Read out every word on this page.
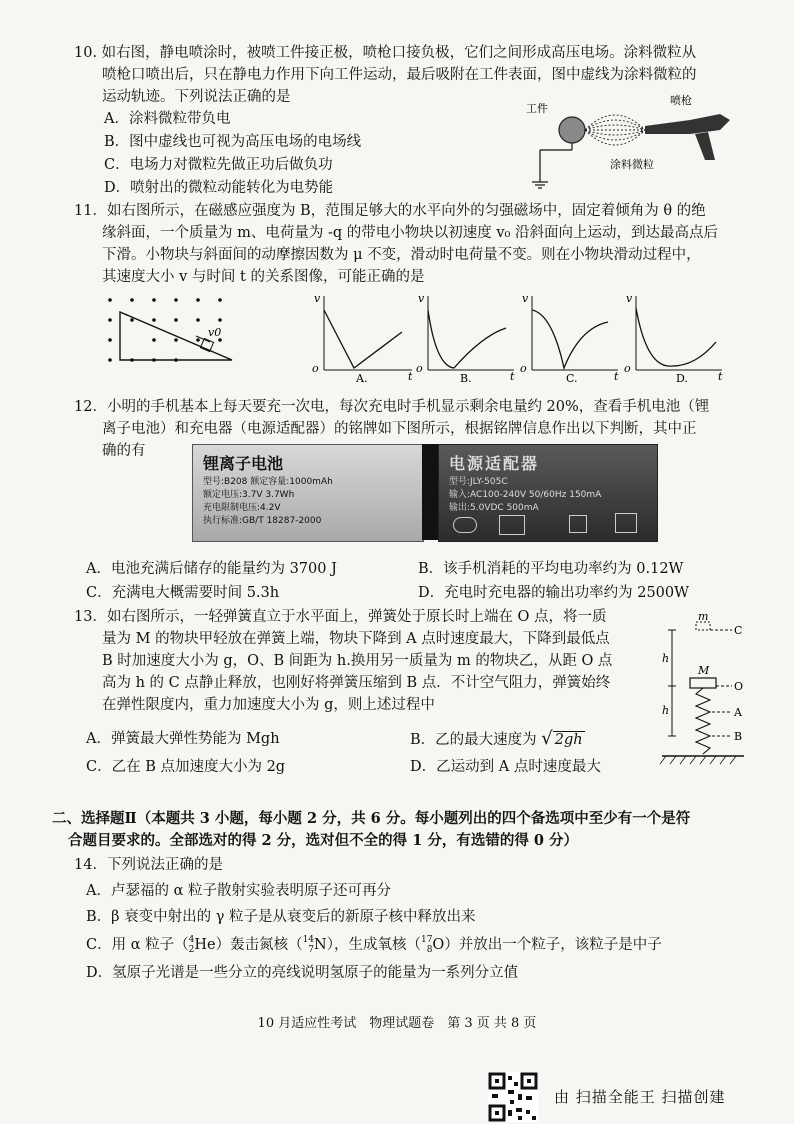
10. 如右图，静电喷涂时，被喷工件接正极，喷枪口接负极，它们之间形成高压电场。涂料微粒从
喷枪口喷出后，只在静电力作用下向工件运动，最后吸附在工件表面，图中虚线为涂料微粒的
运动轨迹。下列说法正确的是
A．涂料微粒带负电
B．图中虚线也可视为高压电场的电场线
C．电场力对微粒先做正功后做负功
D．喷射出的微粒动能转化为电势能
工件
喷枪
涂料微粒
11．如右图所示，在磁感应强度为 B，范围足够大的水平向外的匀强磁场中，固定着倾角为 θ 的绝
缘斜面，一个质量为 m、电荷量为 -q 的带电小物块以初速度 v₀ 沿斜面向上运动，到达最高点后
下滑。小物块与斜面间的动摩擦因数为 μ 不变，滑动时电荷量不变。则在小物块滑动过程中，
其速度大小 v 与时间 t 的关系图像，可能正确的是
v0
v
o
t
A.
v
o
t
B.
v
o
t
C.
v
o
t
D.
12．小明的手机基本上每天要充一次电，每次充电时手机显示剩余电量约 20%，查看手机电池（锂
离子电池）和充电器（电源适配器）的铭牌如下图所示，根据铭牌信息作出以下判断，其中正
确的有
锂离子电池
型号:B208 额定容量:1000mAh
额定电压:3.7V 3.7Wh
充电限制电压:4.2V
执行标准:GB/T 18287-2000
电源适配器
型号:JLY-505C
输入:AC100-240V 50/60Hz 150mA
输出:5.0VDC 500mA
A．电池充满后储存的能量约为 3700 J	B．该手机消耗的平均电功率约为 0.12W
C．充满电大概需要时间 5.3h	D．充电时充电器的输出功率约为 2500W
13．如右图所示，一轻弹簧直立于水平面上，弹簧处于原长时上端在 O 点，将一质
量为 M 的物块甲轻放在弹簧上端，物块下降到 A 点时速度最大，下降到最低点
B 时加速度大小为 g，O、B 间距为 h.换用另一质量为 m 的物块乙，从距 O 点
高为 h 的 C 点静止释放，也刚好将弹簧压缩到 B 点．不计空气阻力，弹簧始终
在弹性限度内，重力加速度大小为 g，则上述过程中
A．弹簧最大弹性势能为 Mgh	B．乙的最大速度为 √ 2gh
C．乙在 B 点加速度大小为 2g	D．乙运动到 A 点时速度最大
m
C
M
O
A
B
h
h
二、选择题Ⅱ（本题共 3 小题，每小题 2 分，共 6 分。每小题列出的四个备选项中至少有一个是符
合题目要求的。全部选对的得 2 分，选对但不全的得 1 分，有选错的得 0 分）
14．下列说法正确的是
A．卢瑟福的 α 粒子散射实验表明原子还可再分
B．β 衰变中射出的 γ 粒子是从衰变后的新原子核中释放出来
C．用 α 粒子（4
2He）轰击氮核（14
7N），生成氧核（17
8O）并放出一个粒子，该粒子是中子
D．氢原子光谱是一些分立的亮线说明氢原子的能量为一系列分立值
10 月适应性考试　物理试题卷　第 3 页 共 8 页
由 扫描全能王 扫描创建
